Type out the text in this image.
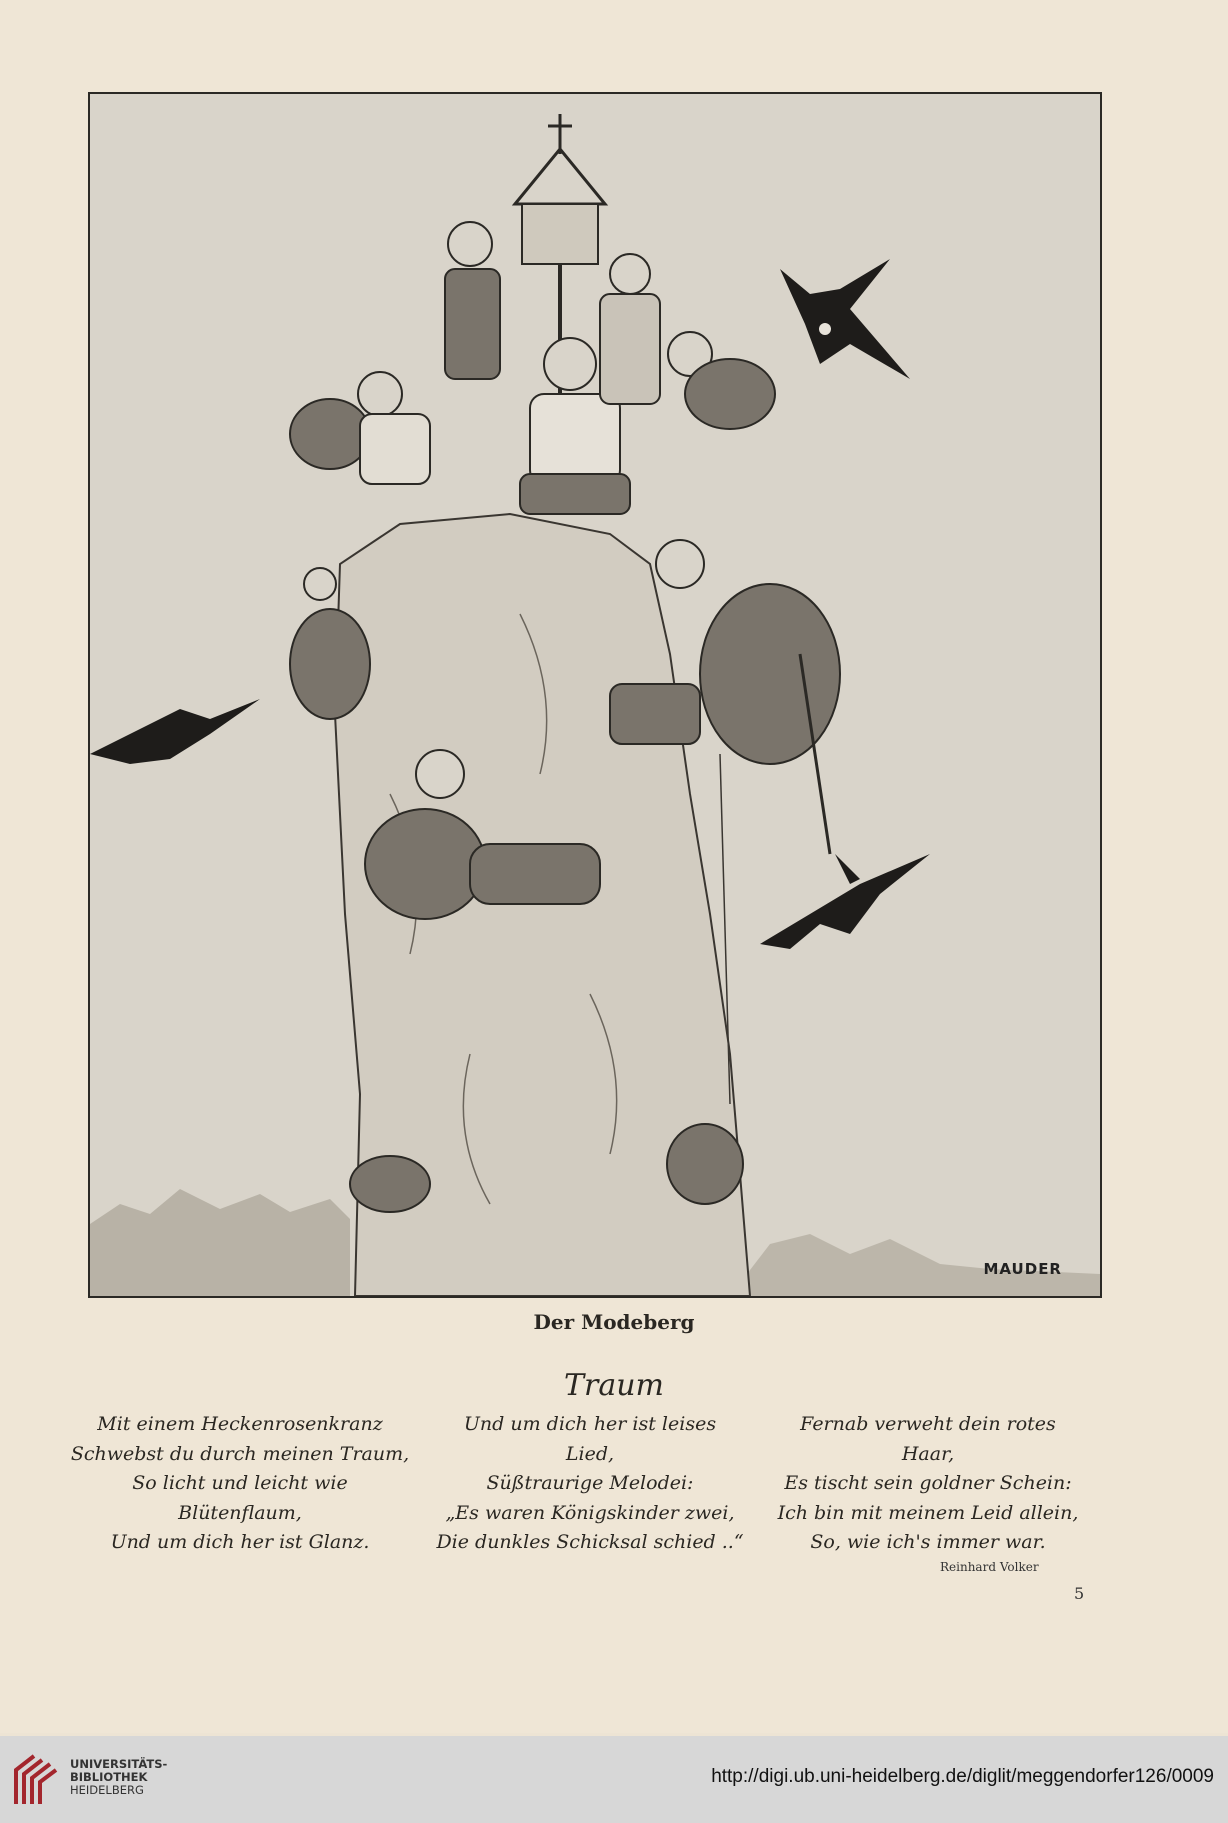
MAUDER
Der Modeberg
Traum
Mit einem Heckenrosenkranz
Schwebst du durch meinen Traum,
So licht und leicht wie
Blütenflaum,
Und um dich her ist Glanz.
Und um dich her ist leises
Lied,
Süßtraurige Melodei:
„Es waren Königskinder zwei,
Die dunkles Schicksal schied ..“
Fernab verweht dein rotes
Haar,
Es tischt sein goldner Schein:
Ich bin mit meinem Leid allein,
So, wie ich's immer war.
Reinhard Volker
5
UNIVERSITÄTS-
BIBLIOTHEK
HEIDELBERG
http://digi.ub.uni-heidelberg.de/diglit/meggendorfer126/0009
